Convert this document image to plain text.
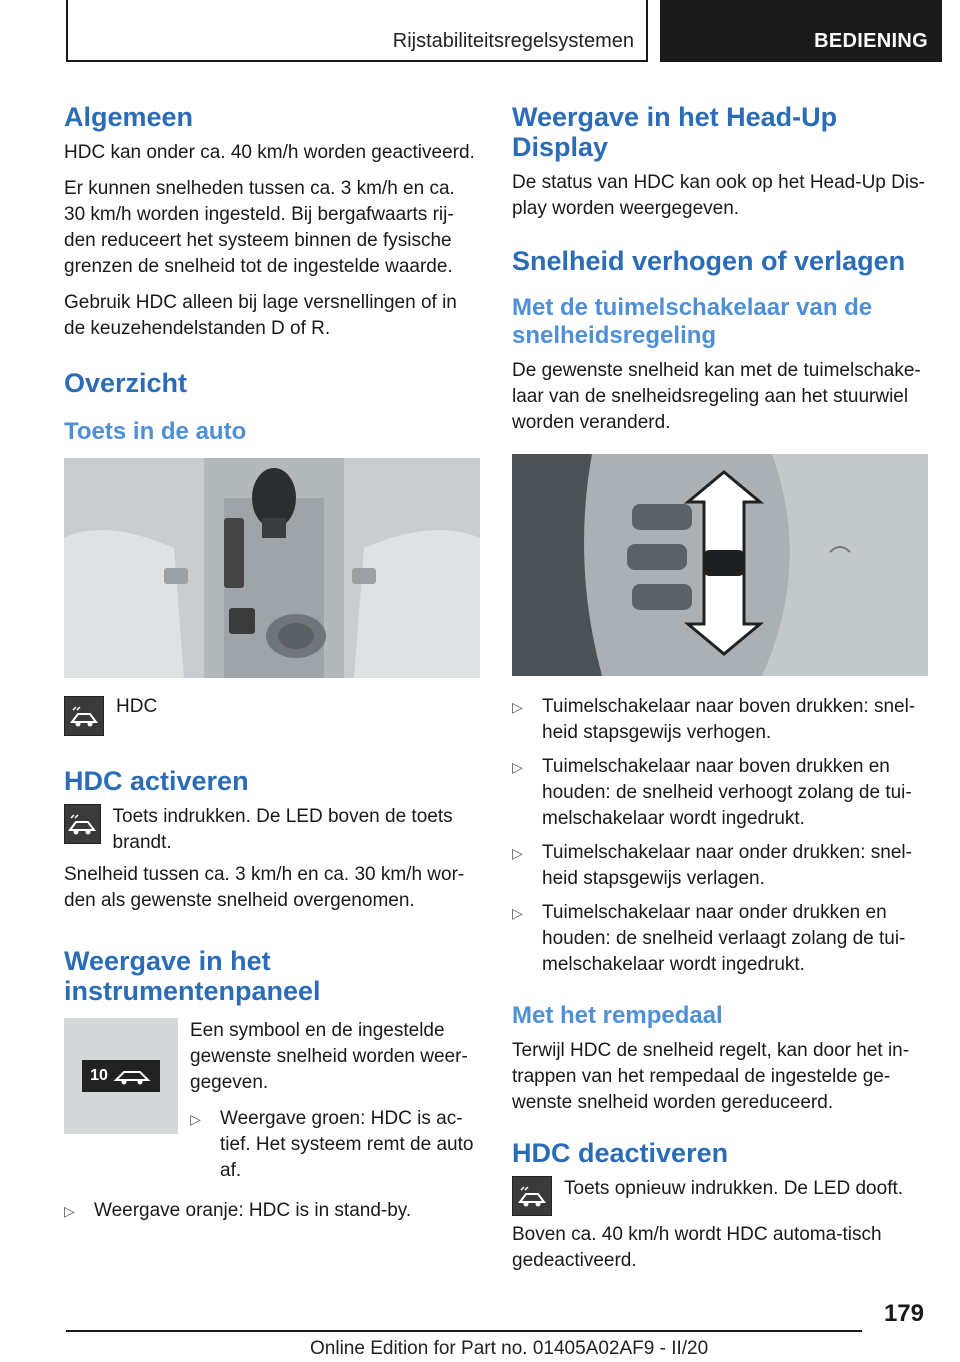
Rijstabiliteitsregelsystemen	BEDIENING
Algemeen
HDC kan onder ca. 40 km/h worden geactiveerd.
Er kunnen snelheden tussen ca. 3 km/h en ca. 30 km/h worden ingesteld. Bij bergafwaarts rij-den reduceert het systeem binnen de fysische grenzen de snelheid tot de ingestelde waarde.
Gebruik HDC alleen bij lage versnellingen of in de keuzehendelstanden D of R.
Overzicht
Toets in de auto
HDC
HDC activeren
Toets indrukken. De LED boven de toets brandt.
Snelheid tussen ca. 3 km/h en ca. 30 km/h wor-den als gewenste snelheid overgenomen.
Weergave in het instrumentenpaneel
10
Een symbool en de ingestelde gewenste snelheid worden weer-gegeven.
▷	Weergave groen: HDC is ac-tief. Het systeem remt de auto af.
▷	Weergave oranje: HDC is in stand-by.
Weergave in het Head-Up Display
De status van HDC kan ook op het Head-Up Dis-play worden weergegeven.
Snelheid verhogen of verlagen
Met de tuimelschakelaar van de snelheidsregeling
De gewenste snelheid kan met de tuimelschake-laar van de snelheidsregeling aan het stuurwiel worden veranderd.
▷	Tuimelschakelaar naar boven drukken: snel-heid stapsgewijs verhogen.
▷	Tuimelschakelaar naar boven drukken en houden: de snelheid verhoogt zolang de tui-melschakelaar wordt ingedrukt.
▷	Tuimelschakelaar naar onder drukken: snel-heid stapsgewijs verlagen.
▷	Tuimelschakelaar naar onder drukken en houden: de snelheid verlaagt zolang de tui-melschakelaar wordt ingedrukt.
Met het rempedaal
Terwijl HDC de snelheid regelt, kan door het in-trappen van het rempedaal de ingestelde ge-wenste snelheid worden gereduceerd.
HDC deactiveren
Toets opnieuw indrukken. De LED dooft.
Boven ca. 40 km/h wordt HDC automa-tisch gedeactiveerd.
179
Online Edition for Part no. 01405A02AF9 - II/20
